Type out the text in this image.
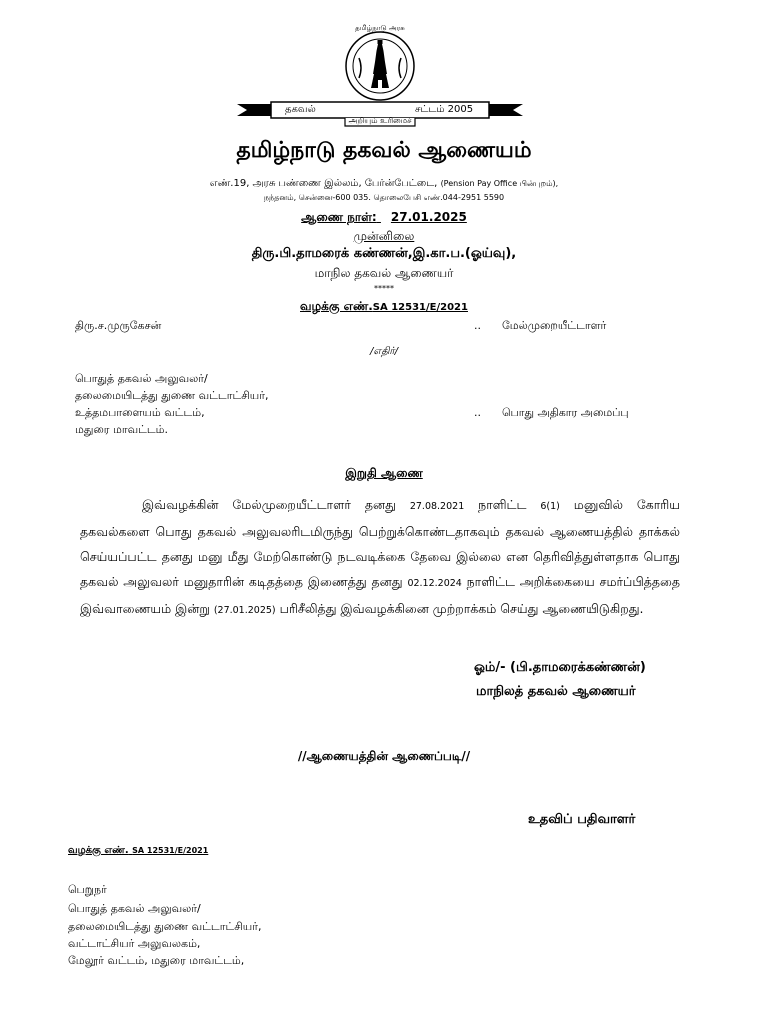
தமிழ்நாடு அரசு
தகவல்	சட்டம் 2005
அறியும் உரிமைச்
தமிழ்நாடு தகவல் ஆணையம்
எண்.19, அரசு பண்ணை இல்லம், பேர்ன்பேட்டை, (Pension Pay Office பின்புறம்),
நந்தனம், சென்னை-600 035. தொலைபேசி எண்.044-2951 5590
ஆணை நாள்: 27.01.2025
முன்னிலை
திரு.பி.தாமரைக் கண்ணன்,இ.கா.ப.(ஓய்வு),
மாநில தகவல் ஆணையர்
*****
வழக்கு எண்.SA 12531/E/2021
திரு.ச.முருகேசன்	.. மேல்முறையீட்டாளர்
/எதிர்/
பொதுத் தகவல் அலுவலர்/
தலைமையிடத்து துணை வட்டாட்சியர்,
உத்தமபாளையம் வட்டம்,
மதுரை மாவட்டம்.
.. பொது அதிகார அமைப்பு
இறுதி ஆணை
இவ்வழக்கின் மேல்முறையீட்டாளர் தனது 27.08.2021 நாளிட்ட 6(1) மனுவில் கோரிய தகவல்களை பொது தகவல் அலுவலரிடமிருந்து பெற்றுக்கொண்டதாகவும் தகவல் ஆணையத்தில் தாக்கல் செய்யப்பட்ட தனது மனு மீது மேற்கொண்டு நடவடிக்கை தேவை இல்லை என தெரிவித்துள்ளதாக பொது தகவல் அலுவலர் மனுதாரின் கடிதத்தை இணைத்து தனது 02.12.2024 நாளிட்ட அறிக்கையை சமர்ப்பித்ததை இவ்வாணையம் இன்று (27.01.2025) பரிசீலித்து இவ்வழக்கினை முற்றாக்கம் செய்து ஆணையிடுகிறது.
ஓம்/- (பி.தாமரைக்கண்ணன்)
மாநிலத் தகவல் ஆணையர்
//ஆணையத்தின் ஆணைப்படி//
உதவிப் பதிவாளர்
வழக்கு எண். SA 12531/E/2021
பெறுநர்
பொதுத் தகவல் அலுவலர்/
தலைமையிடத்து துணை வட்டாட்சியர்,
வட்டாட்சியர் அலுவலகம்,
மேலூர் வட்டம், மதுரை மாவட்டம்,
